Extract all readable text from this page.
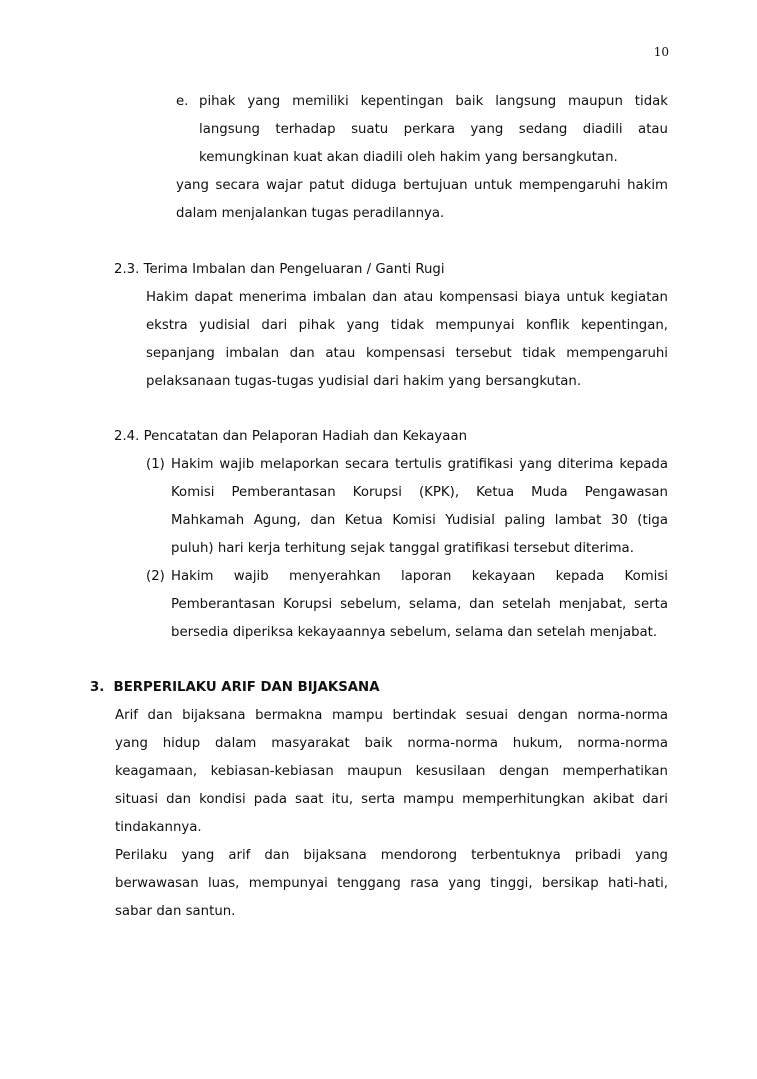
10
e. pihak yang memiliki kepentingan baik langsung maupun tidak
langsung terhadap suatu perkara yang sedang diadili atau
kemungkinan kuat akan diadili oleh hakim yang bersangkutan.
yang secara wajar patut diduga bertujuan untuk mempengaruhi hakim
dalam menjalankan tugas peradilannya.
2.3. Terima Imbalan dan Pengeluaran / Ganti Rugi
Hakim dapat menerima imbalan dan atau kompensasi biaya untuk kegiatan
ekstra yudisial dari pihak yang tidak mempunyai konflik kepentingan,
sepanjang imbalan dan atau kompensasi tersebut tidak mempengaruhi
pelaksanaan tugas-tugas yudisial dari hakim yang bersangkutan.
2.4. Pencatatan dan Pelaporan Hadiah dan Kekayaan
(1) Hakim wajib melaporkan secara tertulis gratifikasi yang diterima kepada
Komisi Pemberantasan Korupsi (KPK), Ketua Muda Pengawasan
Mahkamah Agung, dan Ketua Komisi Yudisial paling lambat 30 (tiga
puluh) hari kerja terhitung sejak tanggal gratifikasi tersebut diterima.
(2) Hakim wajib menyerahkan laporan kekayaan kepada Komisi
Pemberantasan Korupsi sebelum, selama, dan setelah menjabat, serta
bersedia diperiksa kekayaannya sebelum, selama dan setelah menjabat.
3.  BERPERILAKU ARIF DAN BIJAKSANA
Arif dan bijaksana bermakna mampu bertindak sesuai dengan norma-norma
yang hidup dalam masyarakat baik norma-norma hukum, norma-norma
keagamaan, kebiasan-kebiasan maupun kesusilaan dengan memperhatikan
situasi dan kondisi pada saat itu, serta mampu memperhitungkan akibat dari
tindakannya.
Perilaku yang arif dan bijaksana mendorong terbentuknya pribadi yang
berwawasan luas, mempunyai tenggang rasa yang tinggi, bersikap hati-hati,
sabar dan santun.
